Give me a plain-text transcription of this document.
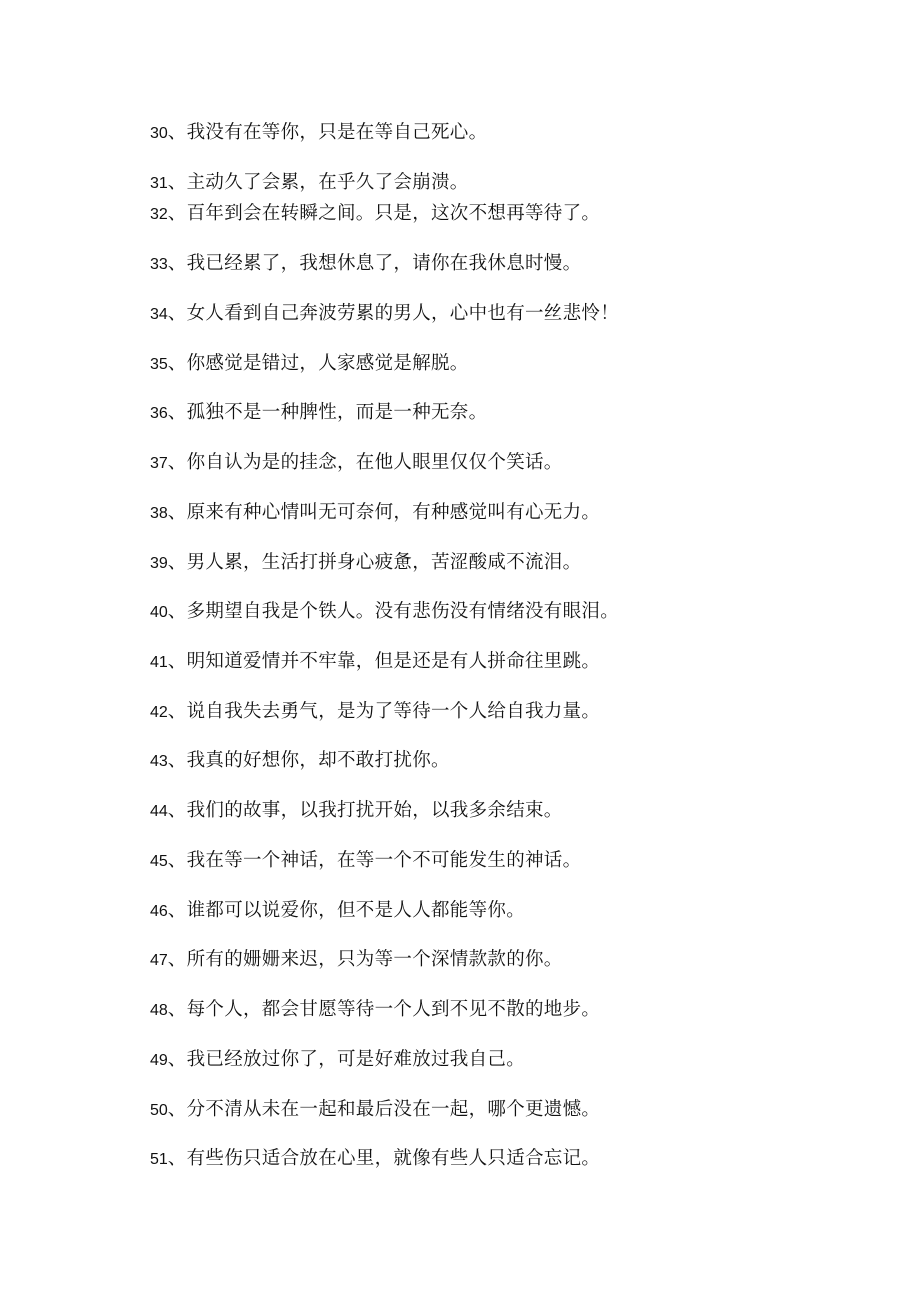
30、我没有在等你，只是在等自己死心。
31、主动久了会累，在乎久了会崩溃。
32、百年到会在转瞬之间。只是，这次不想再等待了。
33、我已经累了，我想休息了，请你在我休息时慢。
34、女人看到自己奔波劳累的男人，心中也有一丝悲怜！
35、你感觉是错过，人家感觉是解脱。
36、孤独不是一种脾性，而是一种无奈。
37、你自认为是的挂念，在他人眼里仅仅个笑话。
38、原来有种心情叫无可奈何，有种感觉叫有心无力。
39、男人累，生活打拼身心疲惫，苦涩酸咸不流泪。
40、多期望自我是个铁人。没有悲伤没有情绪没有眼泪。
41、明知道爱情并不牢靠，但是还是有人拼命往里跳。
42、说自我失去勇气，是为了等待一个人给自我力量。
43、我真的好想你，却不敢打扰你。
44、我们的故事，以我打扰开始，以我多余结束。
45、我在等一个神话，在等一个不可能发生的神话。
46、谁都可以说爱你，但不是人人都能等你。
47、所有的姗姗来迟，只为等一个深情款款的你。
48、每个人，都会甘愿等待一个人到不见不散的地步。
49、我已经放过你了，可是好难放过我自己。
50、分不清从未在一起和最后没在一起，哪个更遗憾。
51、有些伤只适合放在心里，就像有些人只适合忘记。
